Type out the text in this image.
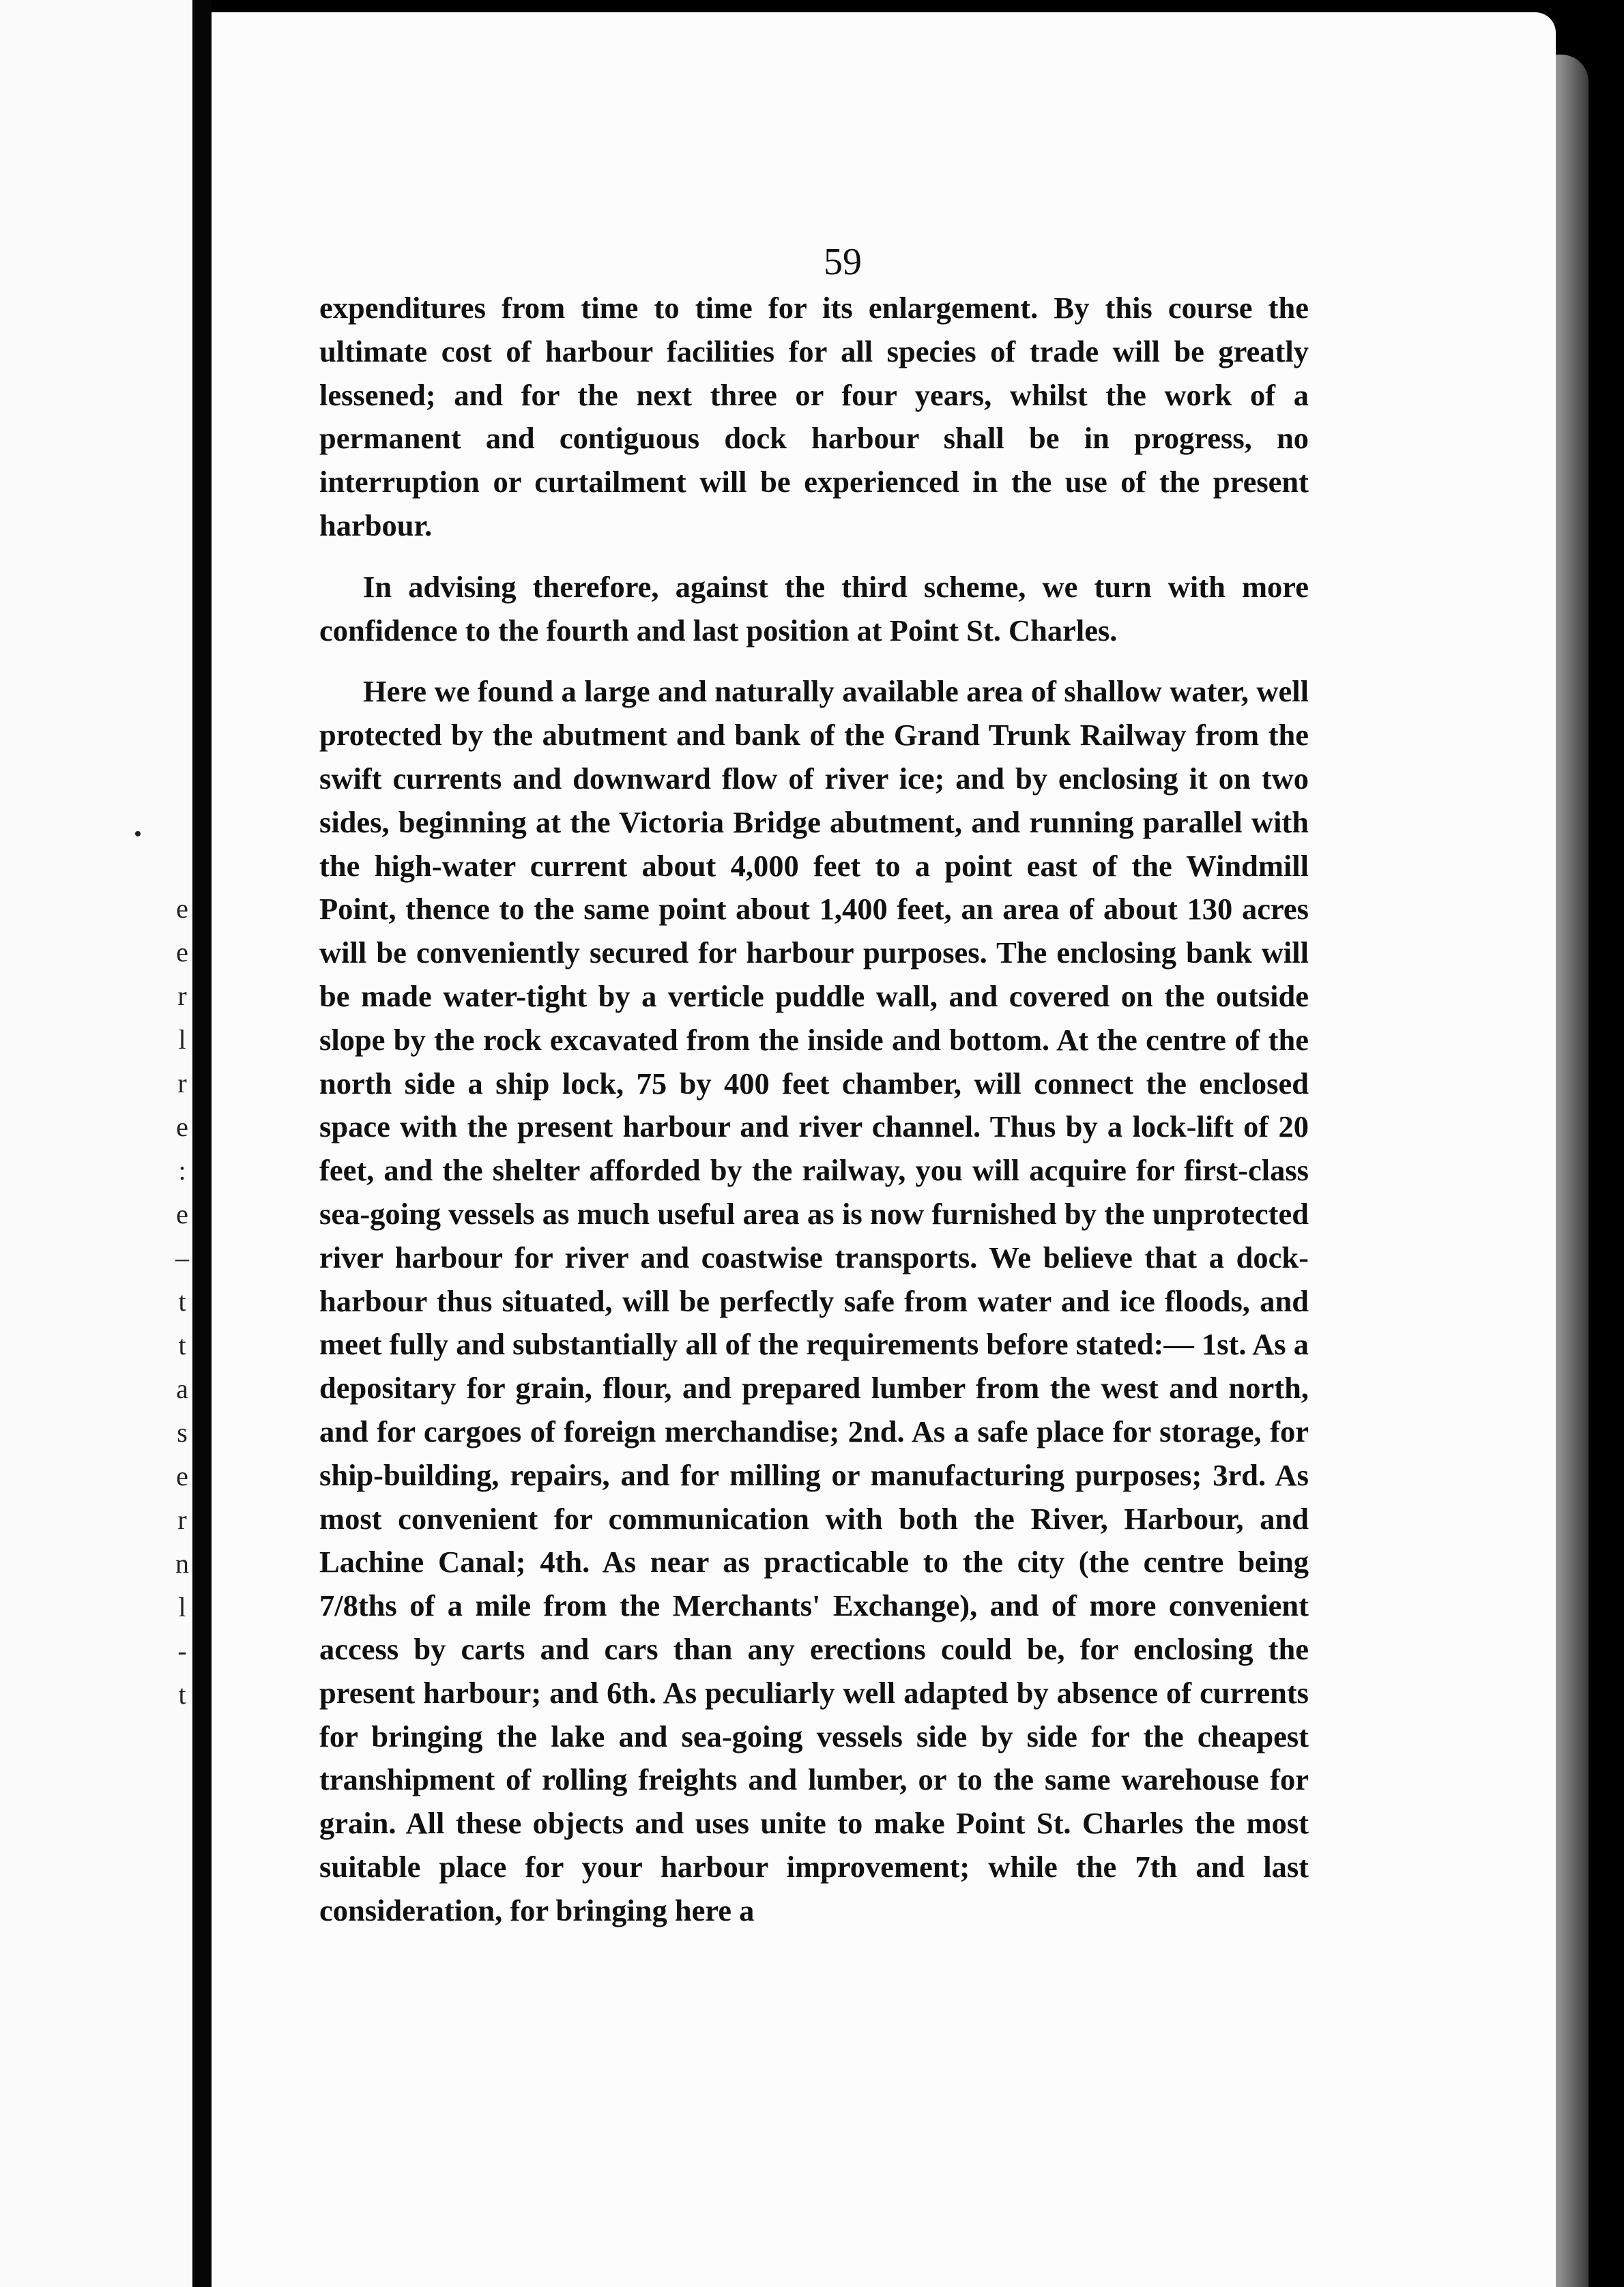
e
e
r
l
r
e
:
e
–
t
t
a
s
e
r
n
l
-
t
59

expenditures from time to time for its enlargement. By this course the ultimate cost of harbour facilities for all species of trade will be greatly lessened; and for the next three or four years, whilst the work of a permanent and contiguous dock harbour shall be in progress, no interruption or curtailment will be experienced in the use of the present harbour.

In advising therefore, against the third scheme, we turn with more confidence to the fourth and last position at Point St. Charles.

Here we found a large and naturally available area of shallow water, well protected by the abutment and bank of the Grand Trunk Railway from the swift currents and downward flow of river ice; and by enclosing it on two sides, beginning at the Victoria Bridge abutment, and running parallel with the high-water current about 4,000 feet to a point east of the Windmill Point, thence to the same point about 1,400 feet, an area of about 130 acres will be conveniently secured for harbour purposes. The enclosing bank will be made water-tight by a verticle puddle wall, and covered on the outside slope by the rock excavated from the inside and bottom. At the centre of the north side a ship lock, 75 by 400 feet chamber, will connect the enclosed space with the present harbour and river channel. Thus by a lock-lift of 20 feet, and the shelter afforded by the railway, you will acquire for first-class sea-going vessels as much useful area as is now furnished by the unprotected river harbour for river and coastwise transports. We believe that a dock-harbour thus situated, will be perfectly safe from water and ice floods, and meet fully and substantially all of the requirements before stated:— 1st. As a depositary for grain, flour, and prepared lumber from the west and north, and for cargoes of foreign merchandise; 2nd. As a safe place for storage, for ship-building, repairs, and for milling or manufacturing purposes; 3rd. As most convenient for communication with both the River, Harbour, and Lachine Canal; 4th. As near as practicable to the city (the centre being 7/8ths of a mile from the Merchants' Exchange), and of more convenient access by carts and cars than any erections could be, for enclosing the present harbour; and 6th. As peculiarly well adapted by absence of currents for bringing the lake and sea-going vessels side by side for the cheapest transhipment of rolling freights and lumber, or to the same warehouse for grain. All these objects and uses unite to make Point St. Charles the most suitable place for your harbour improvement; while the 7th and last consideration, for bringing here a
